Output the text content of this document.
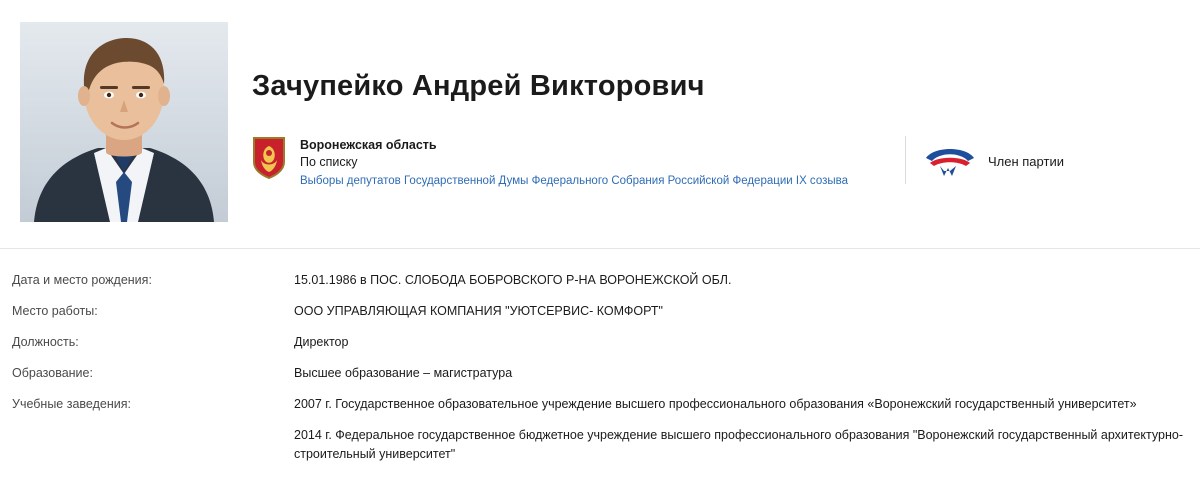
Зачупейко Андрей Викторович
Воронежская область
По списку
Выборы депутатов Государственной Думы Федерального Собрания Российской Федерации IX созыва
Член партии
Дата и место рождения:	15.01.1986 в ПОС. СЛОБОДА БОБРОВСКОГО Р-НА ВОРОНЕЖСКОЙ ОБЛ.
Место работы:	ООО УПРАВЛЯЮЩАЯ КОМПАНИЯ "УЮТСЕРВИС- КОМФОРТ"
Должность:	Директор
Образование:	Высшее образование – магистратура
Учебные заведения:	2007 г. Государственное образовательное учреждение высшего профессионального образования «Воронежский государственный университет»
2014 г. Федеральное государственное бюджетное учреждение высшего профессионального образования "Воронежский государственный архитектурно-строительный университет"
